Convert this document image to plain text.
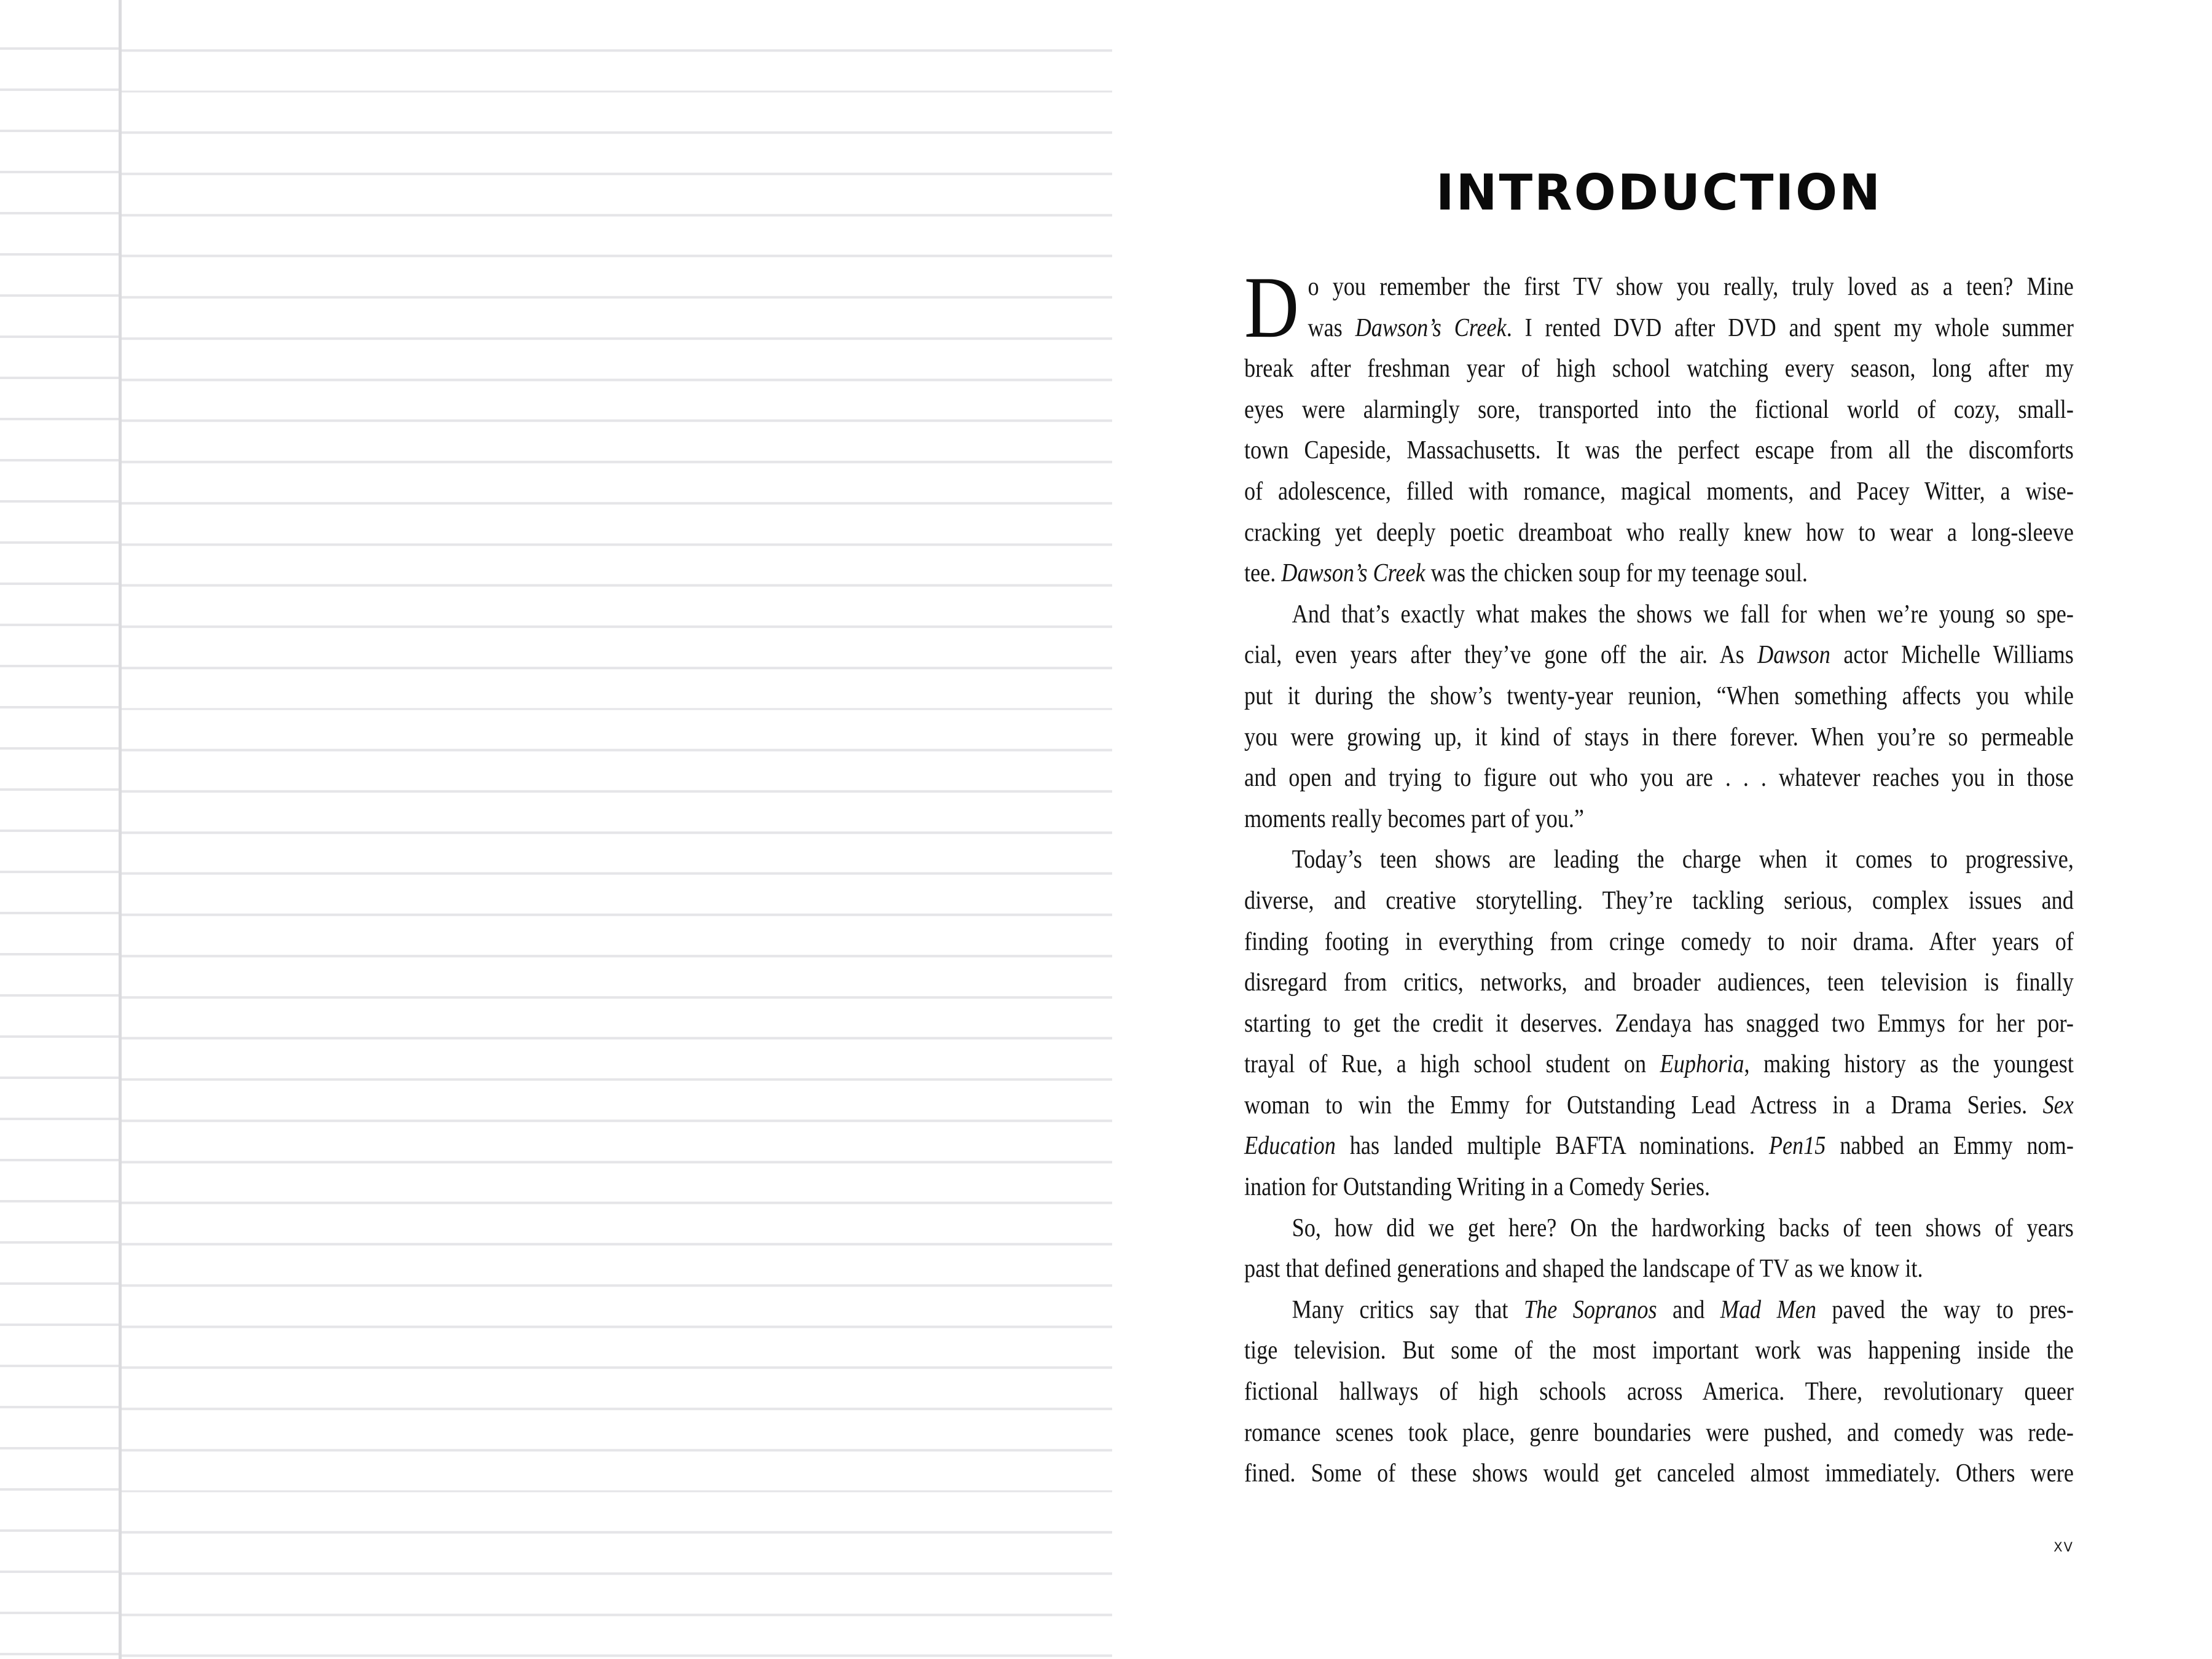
INTRODUCTION
D o you remember the first TV show you really, truly loved as a teen? Mine
was Dawson’s Creek. I rented DVD after DVD and spent my whole summer
break after freshman year of high school watching every season, long after my
eyes were alarmingly sore, transported into the fictional world of cozy, small-
town Capeside, Massachusetts. It was the perfect escape from all the discomforts
of adolescence, filled with romance, magical moments, and Pacey Witter, a wise-
cracking yet deeply poetic dreamboat who really knew how to wear a long-sleeve
tee. Dawson’s Creek was the chicken soup for my teenage soul.
And that’s exactly what makes the shows we fall for when we’re young so spe-
cial, even years after they’ve gone off the air. As Dawson actor Michelle Williams
put it during the show’s twenty-year reunion, “When something affects you while
you were growing up, it kind of stays in there forever. When you’re so permeable
and open and trying to figure out who you are . . . whatever reaches you in those
moments really becomes part of you.”
Today’s teen shows are leading the charge when it comes to progressive,
diverse, and creative storytelling. They’re tackling serious, complex issues and
finding footing in everything from cringe comedy to noir drama. After years of
disregard from critics, networks, and broader audiences, teen television is finally
starting to get the credit it deserves. Zendaya has snagged two Emmys for her por-
trayal of Rue, a high school student on Euphoria, making history as the youngest
woman to win the Emmy for Outstanding Lead Actress in a Drama Series. Sex
Education has landed multiple BAFTA nominations. Pen15 nabbed an Emmy nom-
ination for Outstanding Writing in a Comedy Series.
So, how did we get here? On the hardworking backs of teen shows of years
past that defined generations and shaped the landscape of TV as we know it.
Many critics say that The Sopranos and Mad Men paved the way to pres-
tige television. But some of the most important work was happening inside the
fictional hallways of high schools across America. There, revolutionary queer
romance scenes took place, genre boundaries were pushed, and comedy was rede-
fined. Some of these shows would get canceled almost immediately. Others were
xv
